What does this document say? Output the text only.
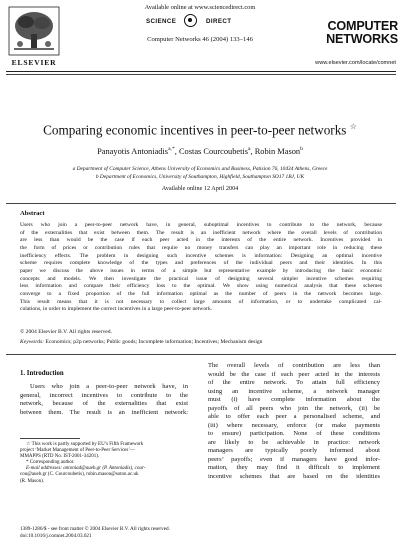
Available online at www.sciencedirect.com
SCIENCE	DIRECT
Computer Networks 46 (2004) 133–146
ELSEVIER
COMPUTER
NETWORKS
www.elsevier.com/locate/comnet
Comparing economic incentives in peer-to-peer networks ☆
Panayotis Antoniadis$^{a,*}$, Costas Courcoubetis$^a$, Robin Mason$^b$
a Department of Computer Science, Athens University of Economics and Business, Patision 76, 10434 Athens, Greece
b Department of Economics, University of Southampton, Highfield, Southampton SO17 1BJ, UK
Available online 12 April 2004
Abstract
Users who join a peer-to-peer network have, in general, suboptimal incentives to contribute to the network, because
of the externalities that exist between them. The result is an inefficient network where the overall levels of contribution
are less than would be the case if each peer acted in the interests of the entire network. Incentives provided in
the form of prices or contribution rules that require no money transfers can play an important role in reducing these
inefficiency effects. The problem in designing such incentive schemes is information: Designing an optimal incentive
scheme requires complete knowledge of the types and preferences of the individual peers and their identities. In this
paper we discuss the above issues in terms of a simple but representative example by introducing the basic economic
concepts and models. We then investigate the practical issue of designing several simpler incentive schemes requiring
less information and compare their efficiency loss to the optimal. We show using numerical analysis that these schemes
converge to a fixed proportion of the full information optimal as the number of peers in the network becomes large.
This result means that it is not necessary to collect large amounts of information, or to undertake complicated cal-
culations, in order to implement the correct incentives in a large peer-to-peer network.
© 2004 Elsevier B.V. All rights reserved.
Keywords: Economics; p2p networks; Public goods; Incomplete information; Incentives; Mechanism design
1. Introduction
Users who join a peer-to-peer network have, in
general, incorrect incentives to contribute to the
network, because of the externalities that exist
between them. The result is an inefficient network:
The overall levels of contribution are less than
would be the case if each peer acted in the interests
of the entire network. To attain full efficiency
using an incentive scheme, a network manager
must (i) have complete information about the
payoffs of all peers who join the network, (ii) be
able to offer each peer a personalised scheme, and
(iii) where necessary, enforce (or make payments
to ensure) participation. None of these conditions
are likely to be achievable in practice: network
managers are typically poorly informed about
peers’ payoffs; even if managers have good infor-
mation, they may find it difficult to implement
incentive schemes that are based on the identities
☆ This work is partly supported by EU’s Fifth Framework
project ‘Market Management of Peer-to-Peer Services’—
MMAPPS (RTD No. IST-2001-34201).
* Corresponding author.
E-mail addresses: antoniad@aueb.gr (P. Antoniadis), cour-
cou@aueb.gr (C. Courcoubetis), robin.mason@soton.ac.uk
(R. Mason).
1389-1286/$ - see front matter © 2004 Elsevier B.V. All rights reserved.
doi:10.1016/j.comnet.2004.03.021
